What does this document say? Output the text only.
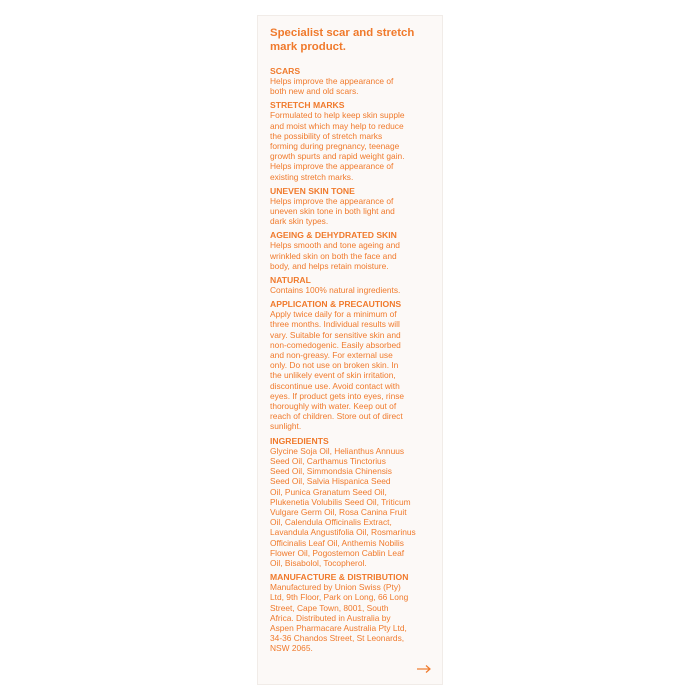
Specialist scar and stretch
mark product.

SCARS

Helps improve the appearance of
both new and old scars.

STRETCH MARKS

Formulated to help keep skin supple
and moist which may help to reduce
the possibility of stretch marks
forming during pregnancy, teenage
growth spurts and rapid weight gain.
Helps improve the appearance of
existing stretch marks.

UNEVEN SKIN TONE

Helps improve the appearance of
uneven skin tone in both light and
dark skin types.

AGEING & DEHYDRATED SKIN

Helps smooth and tone ageing and
wrinkled skin on both the face and
body, and helps retain moisture.

NATURAL

Contains 100% natural ingredients.

APPLICATION & PRECAUTIONS

Apply twice daily for a minimum of
three months. Individual results will
vary. Suitable for sensitive skin and
non-comedogenic. Easily absorbed
and non-greasy. For external use
only. Do not use on broken skin. In
the unlikely event of skin irritation,
discontinue use. Avoid contact with
eyes. If product gets into eyes, rinse
thoroughly with water. Keep out of
reach of children. Store out of direct
sunlight.

INGREDIENTS

Glycine Soja Oil, Helianthus Annuus
Seed Oil, Carthamus Tinctorius
Seed Oil, Simmondsia Chinensis
Seed Oil, Salvia Hispanica Seed
Oil, Punica Granatum Seed Oil,
Plukenetia Volubilis Seed Oil, Triticum
Vulgare Germ Oil, Rosa Canina Fruit
Oil, Calendula Officinalis Extract,
Lavandula Angustifolia Oil, Rosmarinus
Officinalis Leaf Oil, Anthemis Nobilis
Flower Oil, Pogostemon Cablin Leaf
Oil, Bisabolol, Tocopherol.

MANUFACTURE & DISTRIBUTION

Manufactured by Union Swiss (Pty)
Ltd, 9th Floor, Park on Long, 66 Long
Street, Cape Town, 8001, South
Africa. Distributed in Australia by
Aspen Pharmacare Australia Pty Ltd,
34-36 Chandos Street, St Leonards,
NSW 2065.
